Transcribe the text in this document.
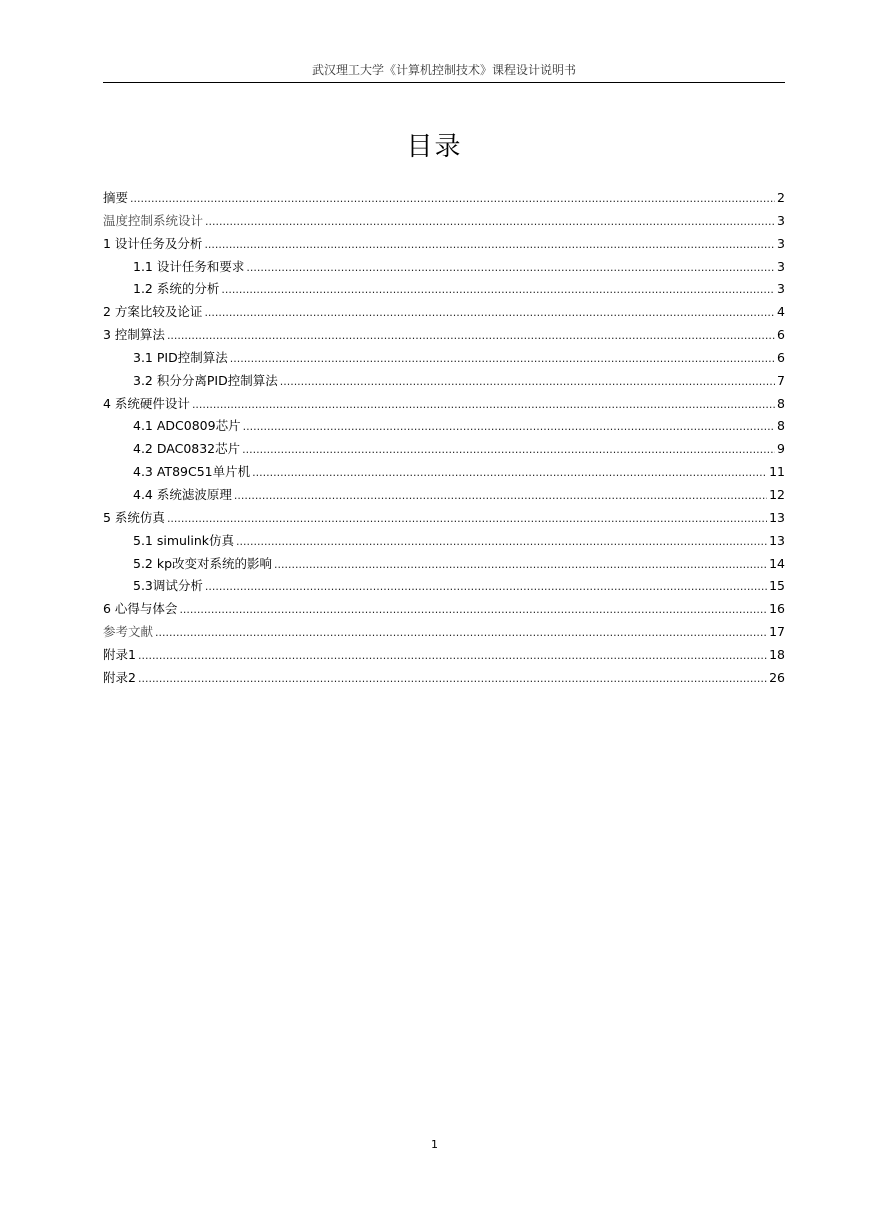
武汉理工大学《计算机控制技术》课程设计说明书
目录
摘要 .....	2
温度控制系统设计 .....	3
1 设计任务及分析 .....	3
1.1 设计任务和要求 .....	3
1.2 系统的分析 .....	3
2 方案比较及论证 .....	4
3 控制算法 .....	6
3.1 PID控制算法 .....	6
3.2 积分分离PID控制算法 .....	7
4 系统硬件设计 .....	8
4.1 ADC0809芯片 .....	8
4.2 DAC0832芯片 .....	9
4.3 AT89C51单片机 .....	11
4.4 系统滤波原理 .....	12
5 系统仿真 .....	13
5.1 simulink仿真 .....	13
5.2 kp改变对系统的影响 .....	14
5.3调试分析 .....	15
6 心得与体会 .....	16
参考文献 .....	17
附录1 .....	18
附录2 .....	26
1
